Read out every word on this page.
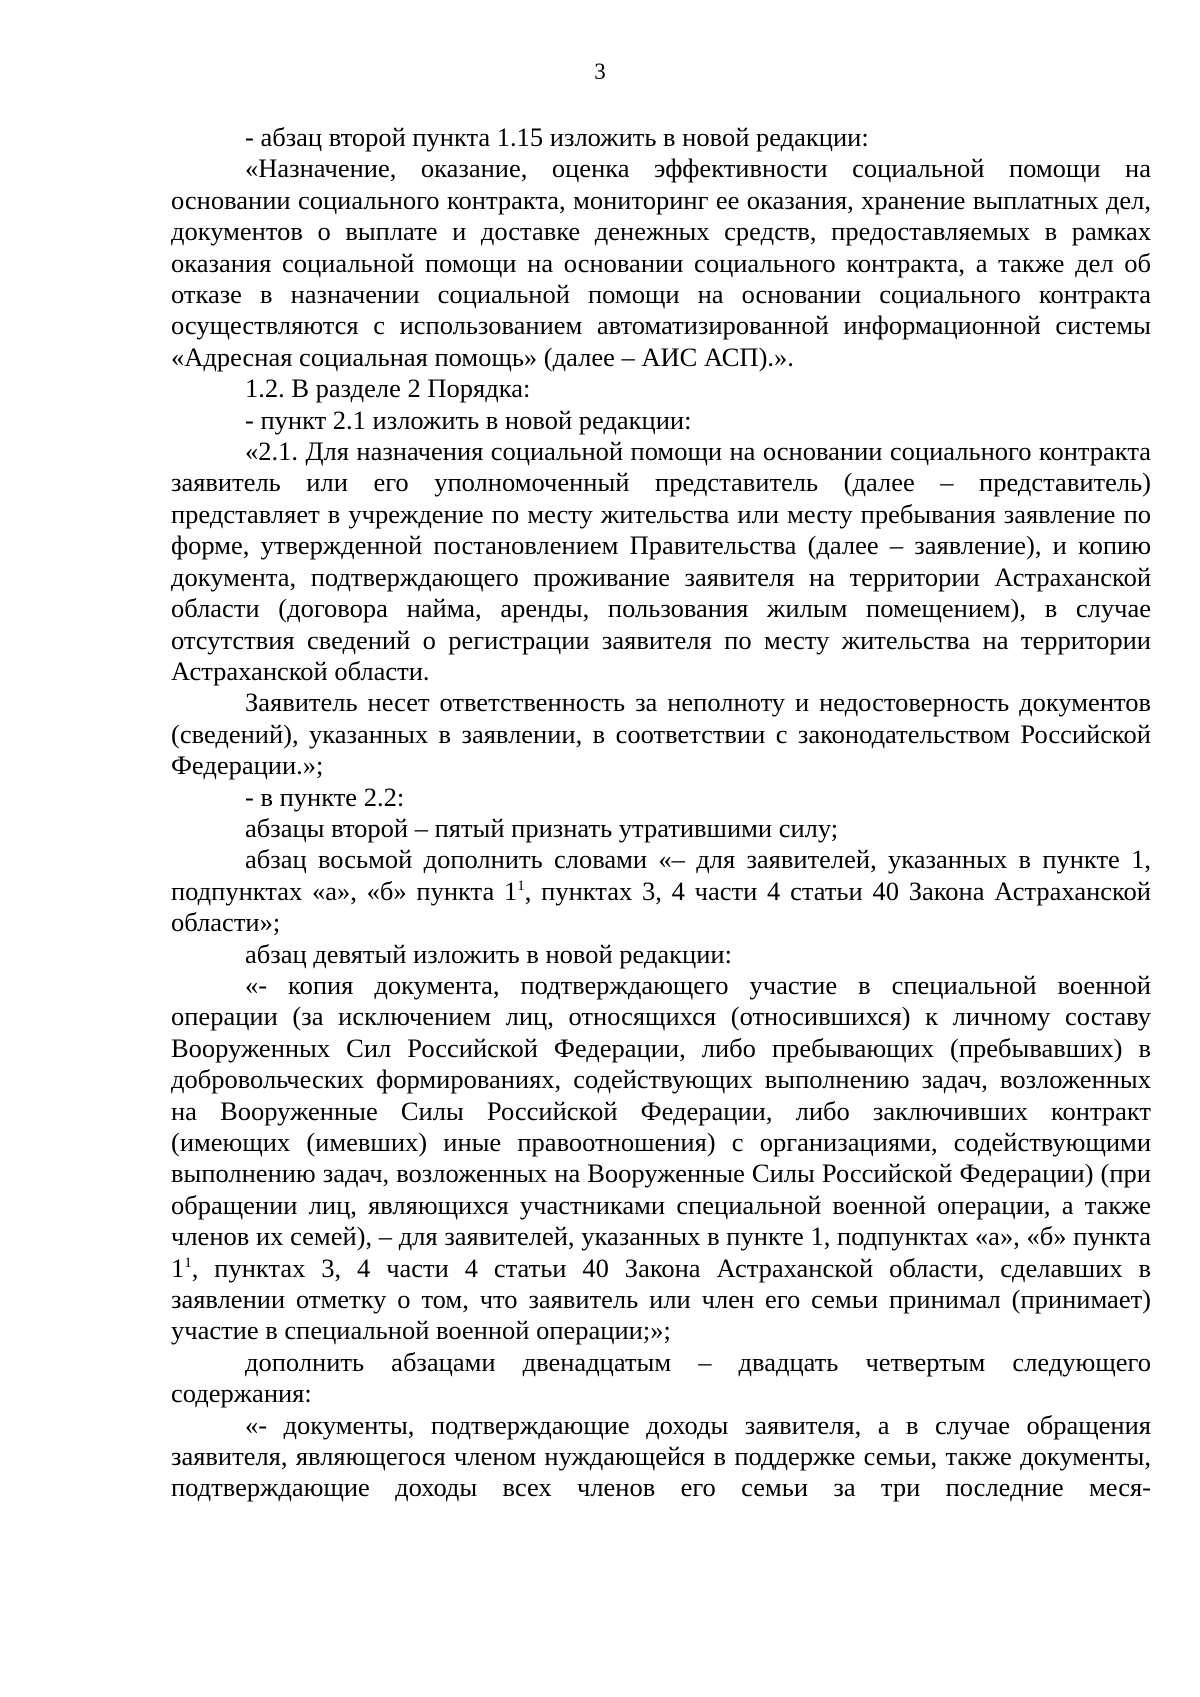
3

- абзац второй пункта 1.15 изложить в новой редакции:

«Назначение, оказание, оценка эффективности социальной помощи на основании социального контракта, мониторинг ее оказания, хранение выплатных дел, документов о выплате и доставке денежных средств, предоставляемых в рамках оказания социальной помощи на основании социального контракта, а также дел об отказе в назначении социальной помощи на основании социального контракта осуществляются с использованием автоматизированной информационной системы «Адресная социальная помощь» (далее – АИС АСП).».

1.2. В разделе 2 Порядка:

- пункт 2.1 изложить в новой редакции:

«2.1. Для назначения социальной помощи на основании социального контракта заявитель или его уполномоченный представитель (далее – представитель) представляет в учреждение по месту жительства или месту пребывания заявление по форме, утвержденной постановлением Правительства (далее – заявление), и копию документа, подтверждающего проживание заявителя на территории Астраханской области (договора найма, аренды, пользования жилым помещением), в случае отсутствия сведений о регистрации заявителя по месту жительства на территории Астраханской области.

Заявитель несет ответственность за неполноту и недостоверность документов (сведений), указанных в заявлении, в соответствии с законодательством Российской Федерации.»;

- в пункте 2.2:

абзацы второй – пятый признать утратившими силу;

абзац восьмой дополнить словами «– для заявителей, указанных в пункте 1, подпунктах «а», «б» пункта $1^1$, пунктах 3, 4 части 4 статьи 40 Закона Астраханской области»;

абзац девятый изложить в новой редакции:

«- копия документа, подтверждающего участие в специальной военной операции (за исключением лиц, относящихся (относившихся) к личному составу Вооруженных Сил Российской Федерации, либо пребывающих (пребывавших) в добровольческих формированиях, содействующих выполнению задач, возложенных на Вооруженные Силы Российской Федерации, либо заключивших контракт (имеющих (имевших) иные правоотношения) с организациями, содействующими выполнению задач, возложенных на Вооруженные Силы Российской Федерации) (при обращении лиц, являющихся участниками специальной военной операции, а также членов их семей), – для заявителей, указанных в пункте 1, подпунктах «а», «б» пункта $1^1$, пунктах 3, 4 части 4 статьи 40 Закона Астраханской области, сделавших в заявлении отметку о том, что заявитель или член его семьи принимал (принимает) участие в специальной военной операции;»;

дополнить абзацами двенадцатым – двадцать четвертым следующего содержания:

«- документы, подтверждающие доходы заявителя, а в случае обращения заявителя, являющегося членом нуждающейся в поддержке семьи, также документы, подтверждающие доходы всех членов его семьи за три последние меся-
